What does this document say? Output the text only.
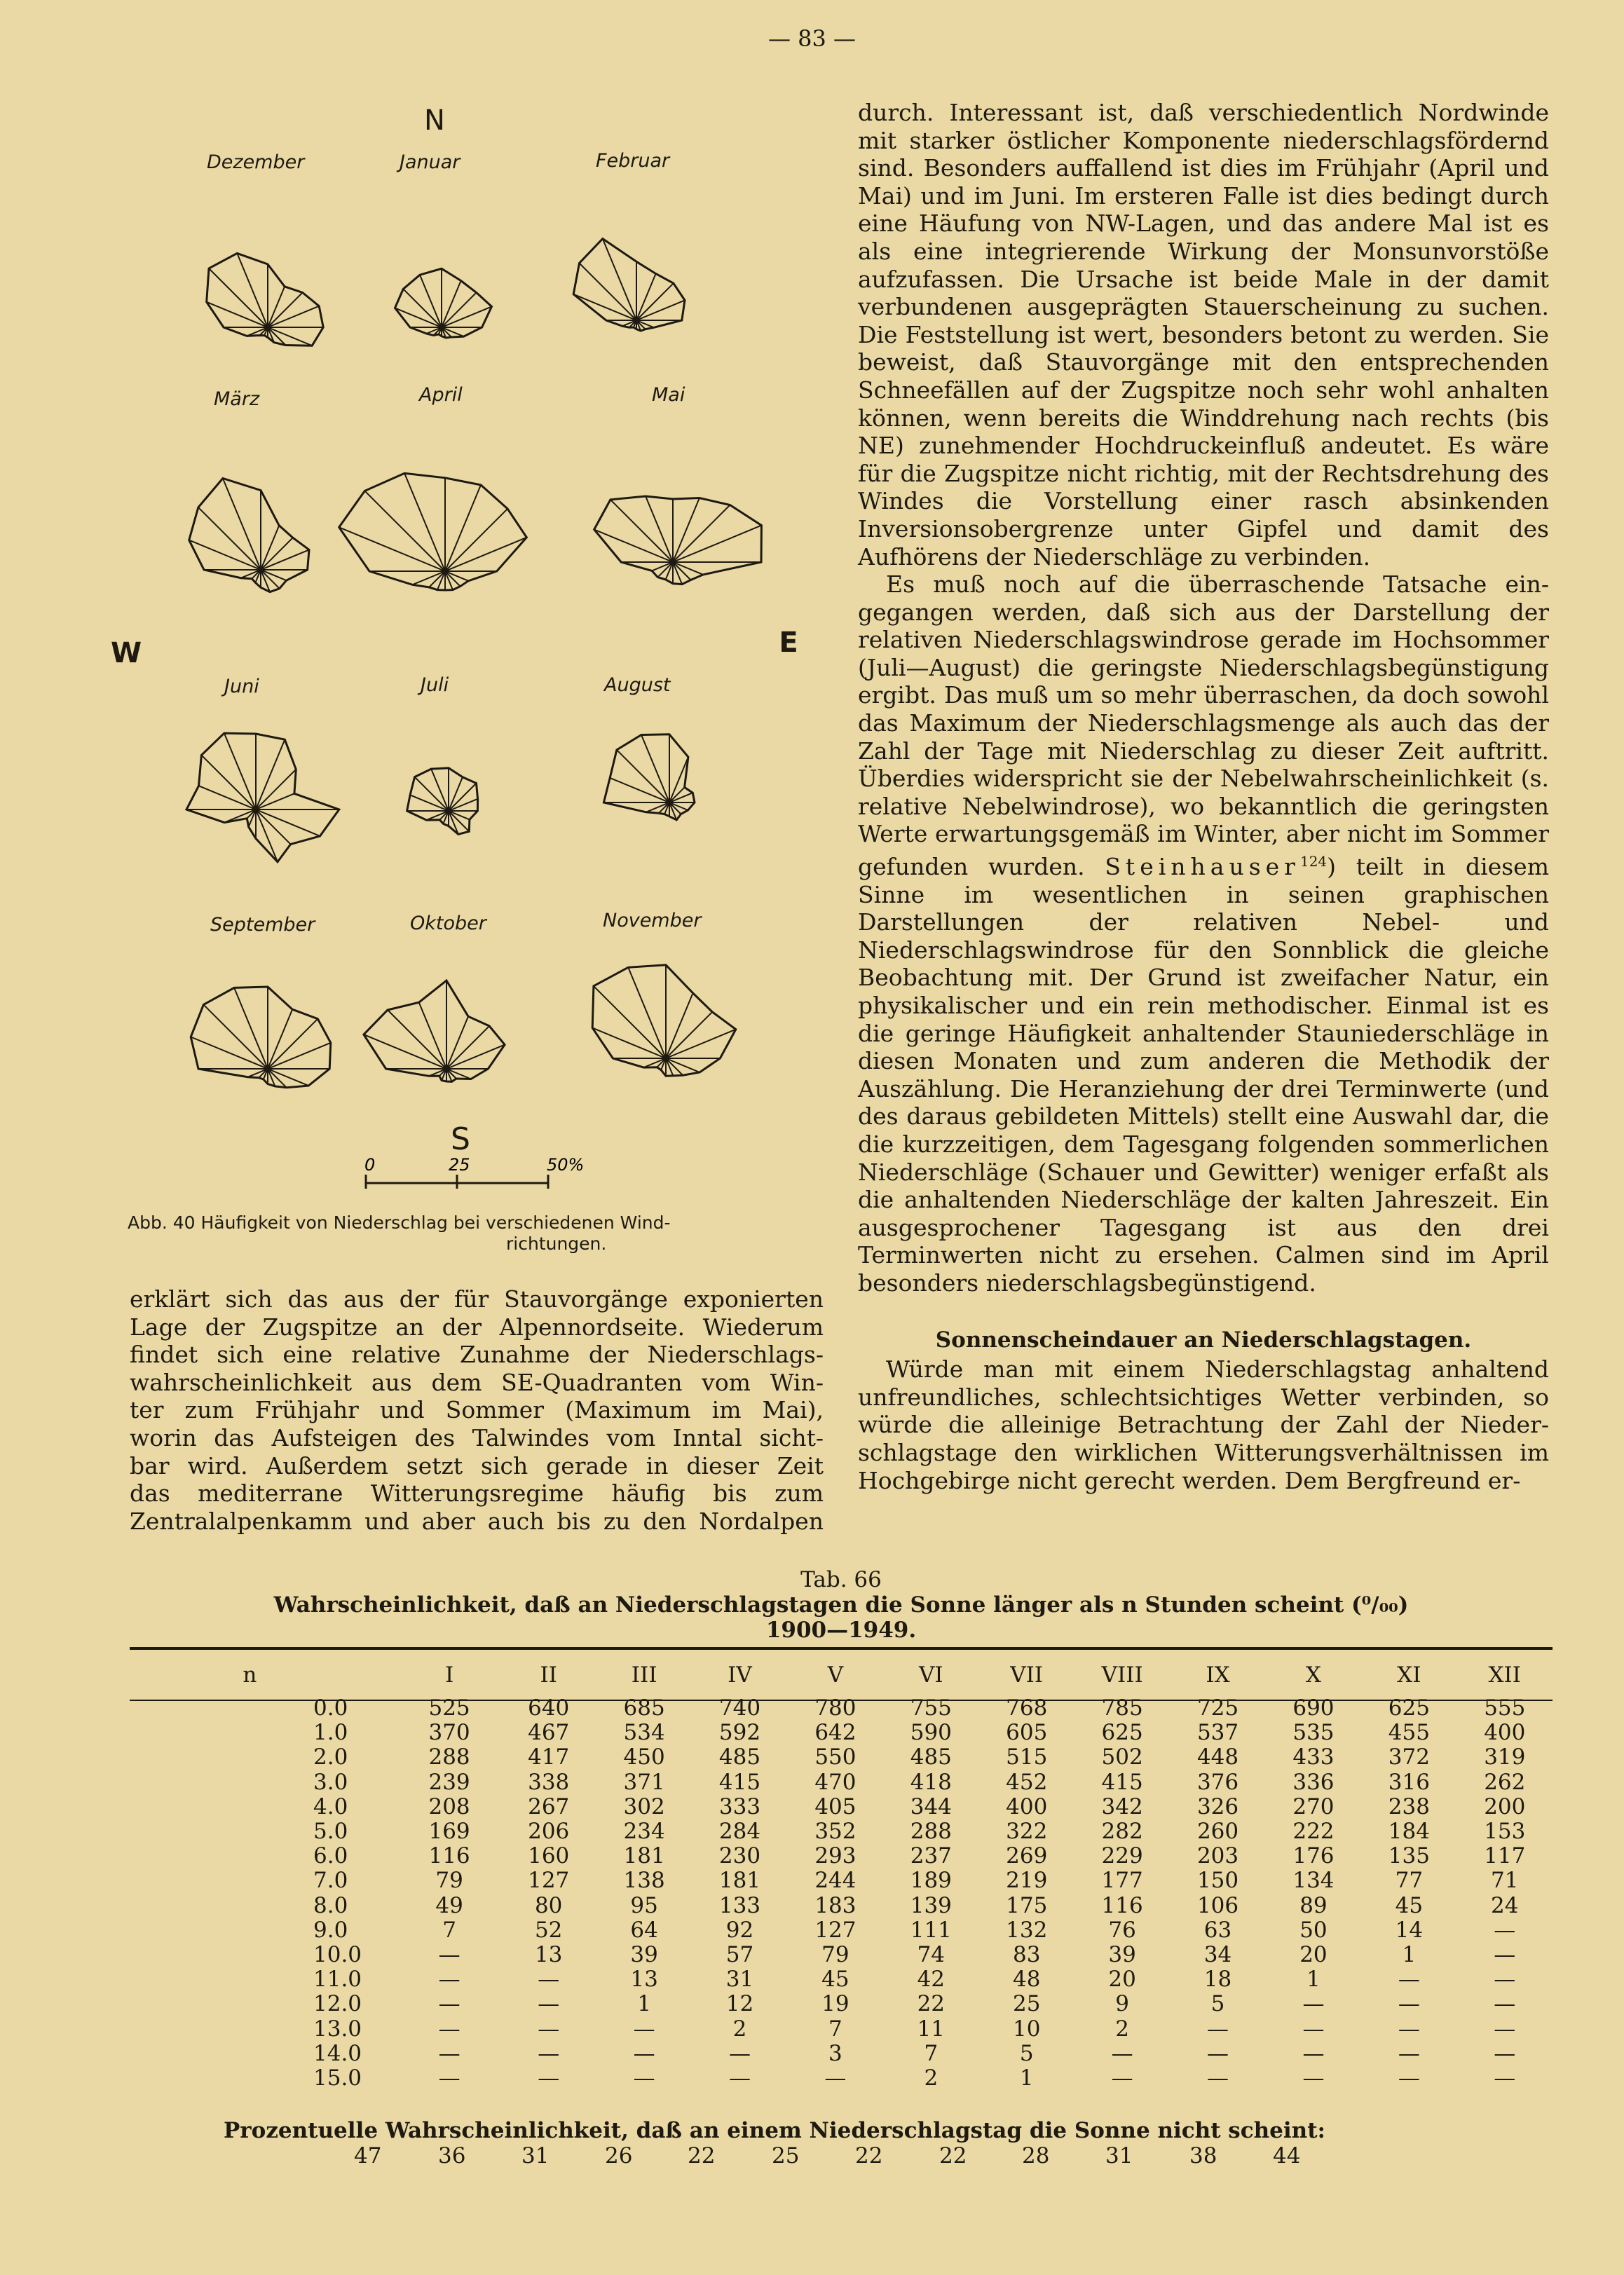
— 83 —
Dezember	Januar	Februar
März	April	Mai
Juni	Juli	August
September	Oktober	November
N
W	E
S
0	25	50%
Abb. 40 Häufigkeit von Niederschlag bei verschiedenen Wind-
richtungen.
erklärt sich das aus der für Stauvorgänge exponierten
Lage der Zugspitze an der Alpennordseite. Wiederum
findet sich eine relative Zunahme der Niederschlags-
wahrscheinlichkeit aus dem SE-Quadranten vom Win-
ter zum Frühjahr und Sommer (Maximum im Mai),
worin das Aufsteigen des Talwindes vom Inntal sicht-
bar wird. Außerdem setzt sich gerade in dieser Zeit
das mediterrane Witterungsregime häufig bis zum
Zentralalpenkamm und aber auch bis zu den Nordalpen

durch. Interessant ist, daß verschiedentlich Nordwinde mit starker östlicher Komponente niederschlagsfördernd sind. Besonders auffallend ist dies im Frühjahr (April und Mai) und im Juni. Im ersteren Falle ist dies bedingt durch eine Häufung von NW-Lagen, und das andere Mal ist es als eine integrierende Wirkung der Monsunvorstöße aufzufassen. Die Ursache ist beide Male in der damit verbundenen ausgeprägten Stauerscheinung zu suchen. Die Feststellung ist wert, besonders betont zu werden. Sie beweist, daß Stauvorgänge mit den entsprechenden Schneefällen auf der Zugspitze noch sehr wohl anhalten können, wenn bereits die Winddrehung nach rechts (bis NE) zunehmender Hochdruckeinfluß andeutet. Es wäre für die Zugspitze nicht richtig, mit der Rechtsdrehung des Windes die Vorstellung einer rasch absinkenden Inversionsobergrenze unter Gipfel und damit des Aufhörens der Niederschläge zu verbinden.

Es muß noch auf die überraschende Tatsache eingegangen werden, daß sich aus der Darstellung der relativen Niederschlagswindrose gerade im Hochsommer (Juli—August) die geringste Niederschlagsbegünstigung ergibt. Das muß um so mehr überraschen, da doch sowohl das Maximum der Niederschlagsmenge als auch das der Zahl der Tage mit Niederschlag zu dieser Zeit auftritt. Überdies widerspricht sie der Nebelwahrscheinlichkeit (s. relative Nebelwindrose), wo bekanntlich die geringsten Werte erwartungsgemäß im Winter, aber nicht im Sommer gefunden wurden. Steinhauser$^{124}$) teilt in diesem Sinne im wesentlichen in seinen graphischen Darstellungen der relativen Nebel- und Niederschlagswindrose für den Sonnblick die gleiche Beobachtung mit. Der Grund ist zweifacher Natur, ein physikalischer und ein rein methodischer. Einmal ist es die geringe Häufigkeit anhaltender Stauniederschläge in diesen Monaten und zum anderen die Methodik der Auszählung. Die Heranziehung der drei Terminwerte (und des daraus gebildeten Mittels) stellt eine Auswahl dar, die die kurzzeitigen, dem Tagesgang folgenden sommerlichen Niederschläge (Schauer und Gewitter) weniger erfaßt als die anhaltenden Niederschläge der kalten Jahreszeit. Ein ausgesprochener Tagesgang ist aus den drei Terminwerten nicht zu ersehen. Calmen sind im April besonders niederschlagsbegünstigend.

Sonnenscheindauer an Niederschlagstagen.

Würde man mit einem Niederschlagstag anhaltend unfreundliches, schlechtsichtiges Wetter verbinden, so würde die alleinige Betrachtung der Zahl der Niederschlagstage den wirklichen Witterungsverhältnissen im Hochgebirge nicht gerecht werden. Dem Bergfreund er-

Tab. 66
Wahrscheinlichkeit, daß an Niederschlagstagen die Sonne länger als n Stunden scheint (⁰/₀₀)
1900—1949.
n	I	II	III	IV	V	VI	VII	VIII	IX	X	XI	XII
0.0	525	640	685	740	780	755	768	785	725	690	625	555
1.0	370	467	534	592	642	590	605	625	537	535	455	400
2.0	288	417	450	485	550	485	515	502	448	433	372	319
3.0	239	338	371	415	470	418	452	415	376	336	316	262
4.0	208	267	302	333	405	344	400	342	326	270	238	200
5.0	169	206	234	284	352	288	322	282	260	222	184	153
6.0	116	160	181	230	293	237	269	229	203	176	135	117
7.0	79	127	138	181	244	189	219	177	150	134	77	71
8.0	49	80	95	133	183	139	175	116	106	89	45	24
9.0	7	52	64	92	127	111	132	76	63	50	14	—
10.0	—	13	39	57	79	74	83	39	34	20	1	—
11.0	—	—	13	31	45	42	48	20	18	1	—	—
12.0	—	—	1	12	19	22	25	9	5	—	—	—
13.0	—	—	—	2	7	11	10	2	—	—	—	—
14.0	—	—	—	—	3	7	5	—	—	—	—	—
15.0	—	—	—	—	—	2	1	—	—	—	—	—
Prozentuelle Wahrscheinlichkeit, daß an einem Niederschlagstag die Sonne nicht scheint:
47	36	31	26	22	25	22	22	28	31	38	44
